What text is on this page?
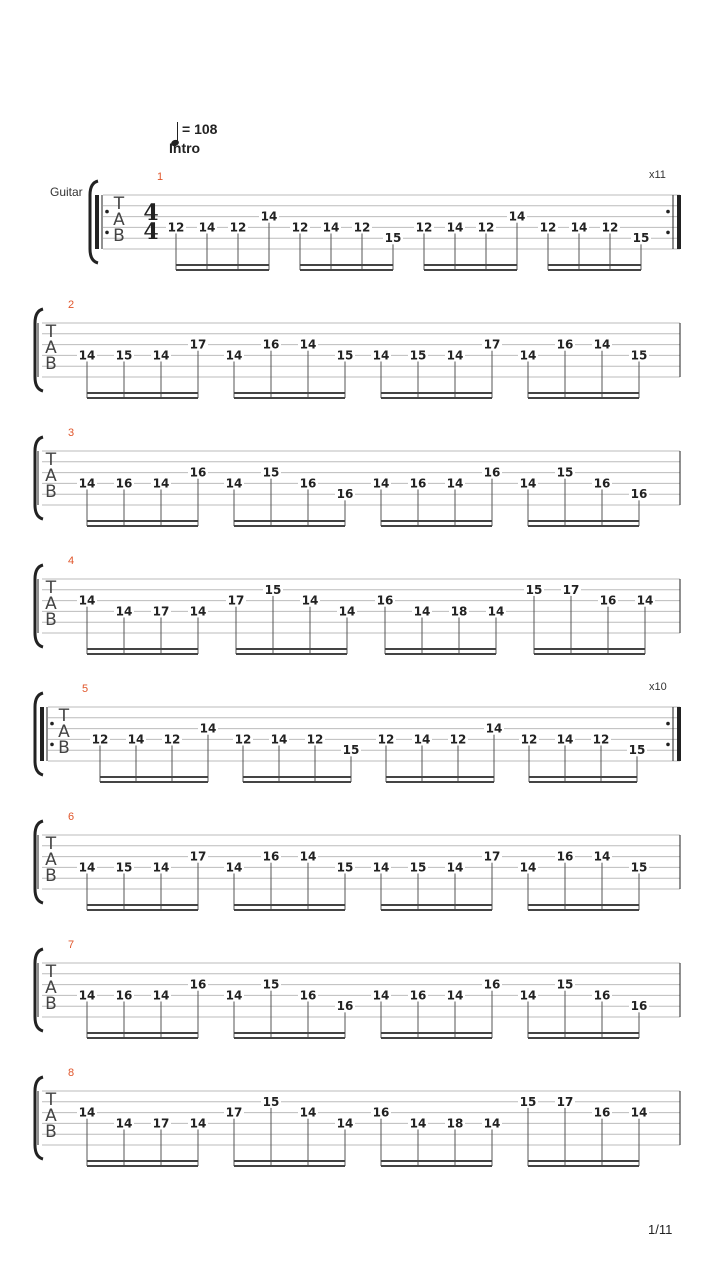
= 108
Intro
Guitar
x11
T
A
B
4
4
1
12 14 12
14
12 14 12
15
12 14 12
14
12 14 12
15
T
A
B
2
14 15 14
17
14
16 14
15 14 15 14
17
14
16 14
15
T
A
B
3
14 16 14
16
14
15
16
16
14 16 14
16
14
15
16
16
T
A
B
4
14
14 17 14
17
15
14
14
16
14 18 14
15 17
16 14
x10
T
A
B
5
12 14 12
14
12 14 12
15
12 14 12
14
12 14 12
15
T
A
B
6
14 15 14
17
14
16 14
15 14 15 14
17
14
16 14
15
T
A
B
7
14 16 14
16
14
15
16
16
14 16 14
16
14
15
16
16
T
A
B
8
14
14 17 14
17
15
14
14
16
14 18 14
15 17
16 14
1/11
